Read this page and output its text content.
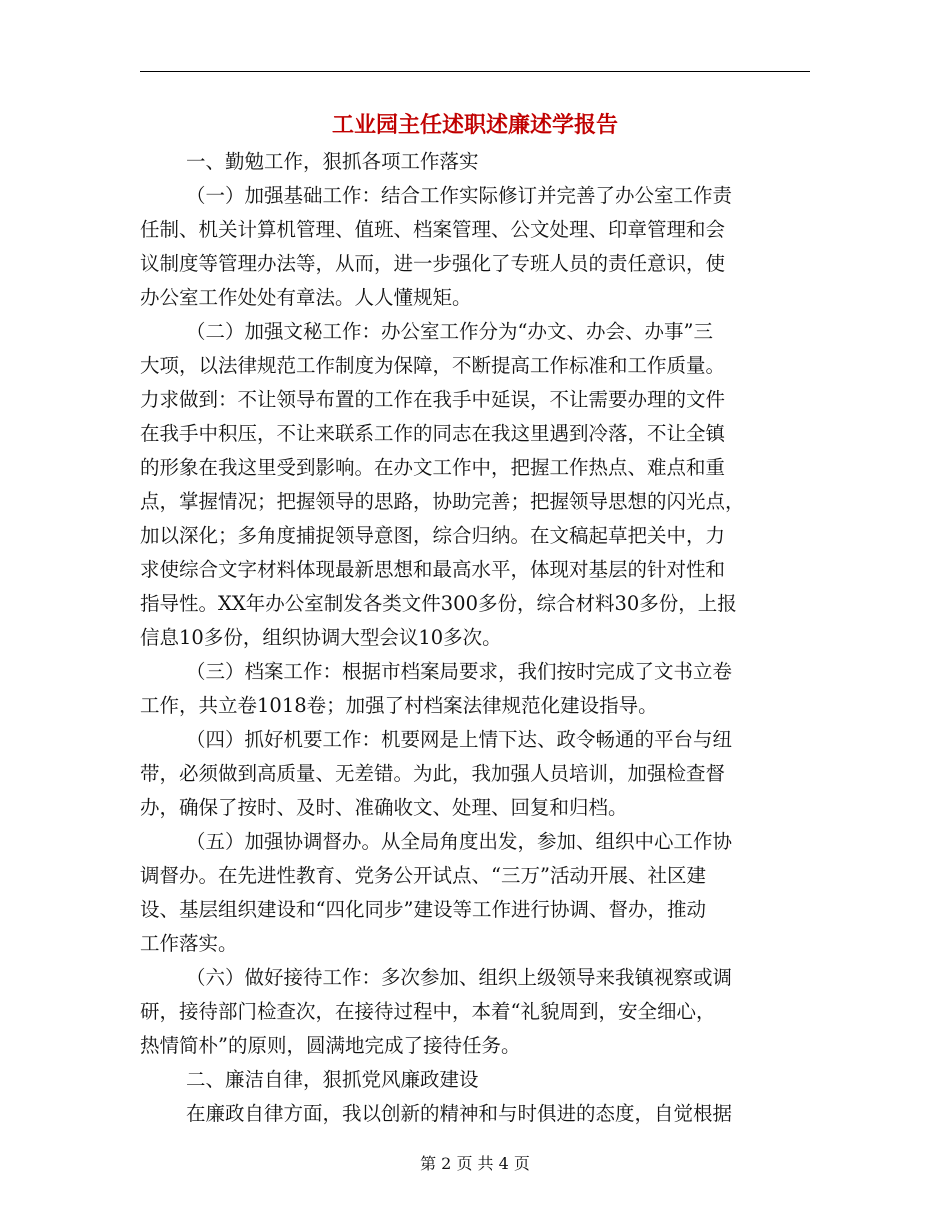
工业园主任述职述廉述学报告
一、勤勉工作，狠抓各项工作落实
（一）加强基础工作：结合工作实际修订并完善了办公室工作责
任制、机关计算机管理、值班、档案管理、公文处理、印章管理和会
议制度等管理办法等，从而，进一步强化了专班人员的责任意识，使
办公室工作处处有章法。人人懂规矩。
（二）加强文秘工作：办公室工作分为“办文、办会、办事”三
大项，以法律规范工作制度为保障，不断提高工作标准和工作质量。
力求做到：不让领导布置的工作在我手中延误，不让需要办理的文件
在我手中积压，不让来联系工作的同志在我这里遇到冷落，不让全镇
的形象在我这里受到影响。在办文工作中，把握工作热点、难点和重
点，掌握情况；把握领导的思路，协助完善；把握领导思想的闪光点，
加以深化；多角度捕捉领导意图，综合归纳。在文稿起草把关中，力
求使综合文字材料体现最新思想和最高水平，体现对基层的针对性和
指导性。XX年办公室制发各类文件300多份，综合材料30多份，上报
信息10多份，组织协调大型会议10多次。
（三）档案工作：根据市档案局要求，我们按时完成了文书立卷
工作，共立卷1018卷；加强了村档案法律规范化建设指导。
（四）抓好机要工作：机要网是上情下达、政令畅通的平台与纽
带，必须做到高质量、无差错。为此，我加强人员培训，加强检查督
办，确保了按时、及时、准确收文、处理、回复和归档。
（五）加强协调督办。从全局角度出发，参加、组织中心工作协
调督办。在先进性教育、党务公开试点、“三万”活动开展、社区建
设、基层组织建设和“四化同步”建设等工作进行协调、督办，推动
工作落实。
（六）做好接待工作：多次参加、组织上级领导来我镇视察或调
研，接待部门检查次，在接待过程中，本着“礼貌周到，安全细心，
热情简朴”的原则，圆满地完成了接待任务。
二、廉洁自律，狠抓党风廉政建设
在廉政自律方面，我以创新的精神和与时俱进的态度，自觉根据
第 2 页 共 4 页
